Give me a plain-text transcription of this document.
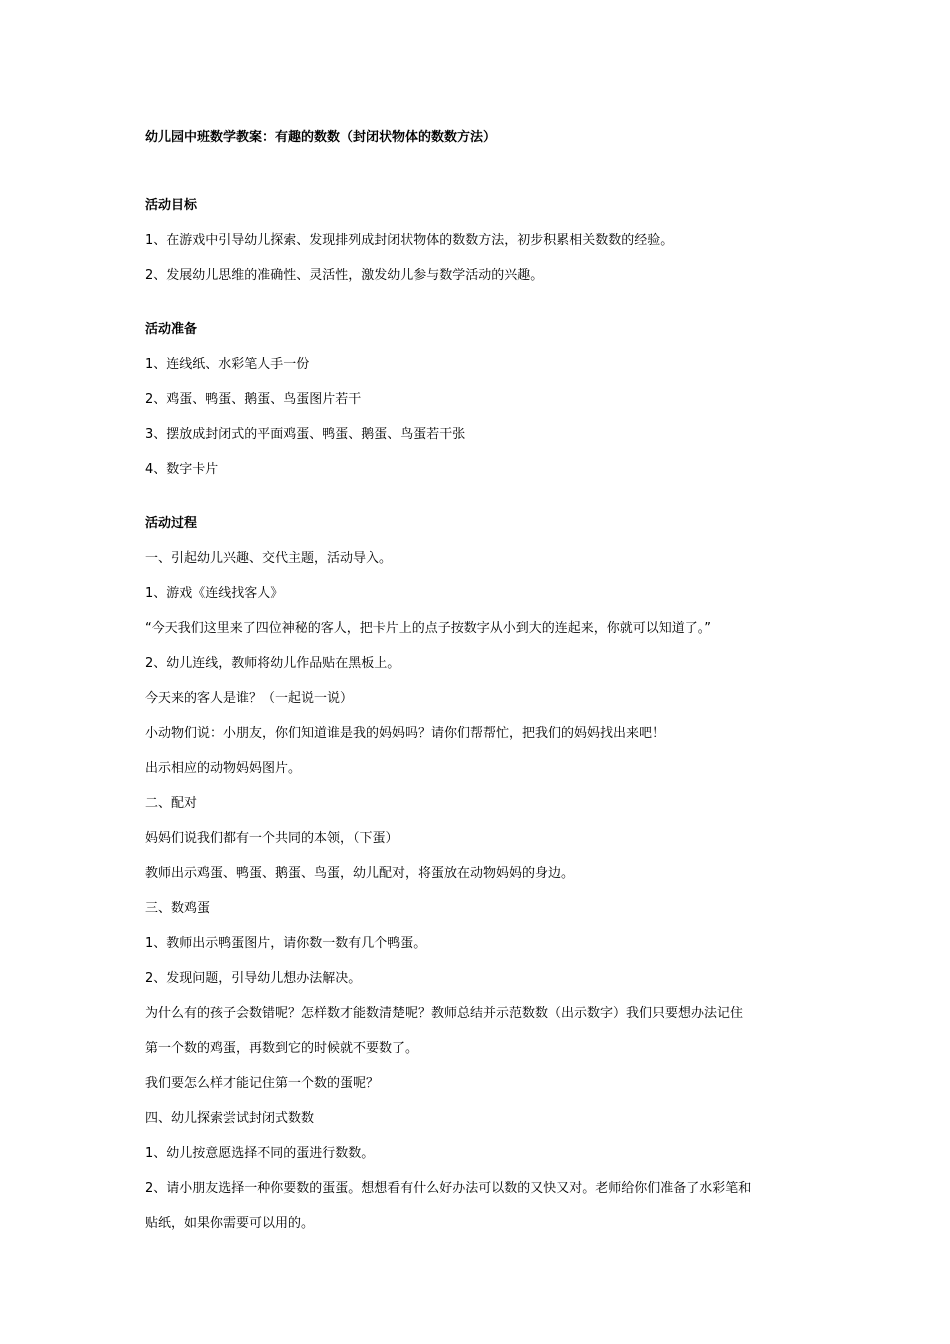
幼儿园中班数学教案：有趣的数数（封闭状物体的数数方法）
活动目标
1、在游戏中引导幼儿探索、发现排列成封闭状物体的数数方法，初步积累相关数数的经验。
2、发展幼儿思维的准确性、灵活性，激发幼儿参与数学活动的兴趣。
活动准备
1、连线纸、水彩笔人手一份
2、鸡蛋、鸭蛋、鹅蛋、鸟蛋图片若干
3、摆放成封闭式的平面鸡蛋、鸭蛋、鹅蛋、鸟蛋若干张
4、数字卡片
活动过程
一、引起幼儿兴趣、交代主题，活动导入。
1、游戏《连线找客人》
“今天我们这里来了四位神秘的客人，把卡片上的点子按数字从小到大的连起来，你就可以知道了。”
2、幼儿连线，教师将幼儿作品贴在黑板上。
今天来的客人是谁？（一起说一说）
小动物们说：小朋友，你们知道谁是我的妈妈吗？请你们帮帮忙，把我们的妈妈找出来吧！
出示相应的动物妈妈图片。
二、配对
妈妈们说我们都有一个共同的本领，（下蛋）
教师出示鸡蛋、鸭蛋、鹅蛋、鸟蛋，幼儿配对，将蛋放在动物妈妈的身边。
三、数鸡蛋
1、教师出示鸭蛋图片，请你数一数有几个鸭蛋。
2、发现问题，引导幼儿想办法解决。
为什么有的孩子会数错呢？怎样数才能数清楚呢？教师总结并示范数数（出示数字）我们只要想办法记住
第一个数的鸡蛋，再数到它的时候就不要数了。
我们要怎么样才能记住第一个数的蛋呢？
四、幼儿探索尝试封闭式数数
1、幼儿按意愿选择不同的蛋进行数数。
2、请小朋友选择一种你要数的蛋蛋。想想看有什么好办法可以数的又快又对。老师给你们准备了水彩笔和
贴纸，如果你需要可以用的。
